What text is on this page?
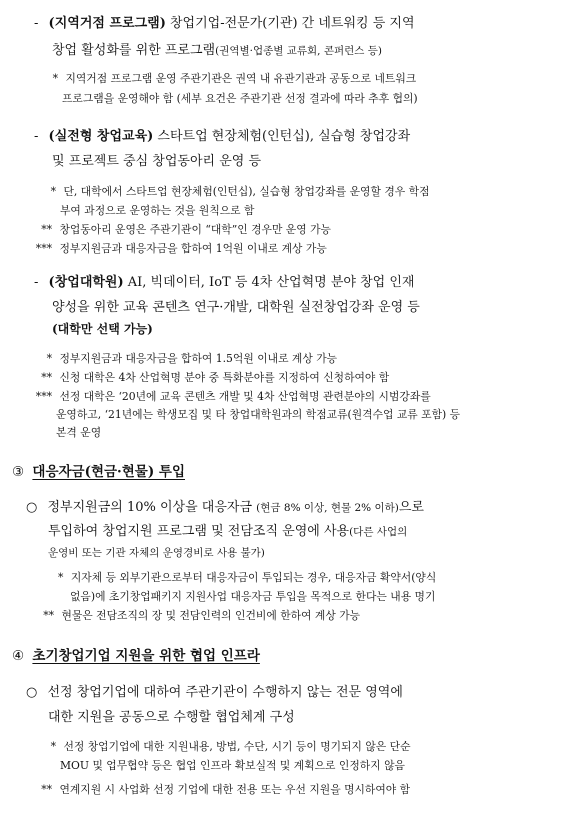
- (지역거점 프로그램) 창업기업-전문가(기관) 간 네트워킹 등 지역
창업 활성화를 위한 프로그램(권역별·업종별 교류회, 콘퍼런스 등)
* 지역거점 프로그램 운영 주관기관은 권역 내 유관기관과 공동으로 네트워크
프로그램을 운영해야 함 (세부 요건은 주관기관 선정 결과에 따라 추후 협의)
- (실전형 창업교육) 스타트업 현장체험(인턴십), 실습형 창업강좌
및 프로젝트 중심 창업동아리 운영 등
* 단, 대학에서 스타트업 현장체험(인턴십), 실습형 창업강좌를 운영할 경우 학점
부여 과정으로 운영하는 것을 원칙으로 함
** 창업동아리 운영은 주관기관이 “대학”인 경우만 운영 가능
*** 정부지원금과 대응자금을 합하여 1억원 이내로 계상 가능
- (창업대학원) AI, 빅데이터, IoT 등 4차 산업혁명 분야 창업 인재
양성을 위한 교육 콘텐츠 연구·개발, 대학원 실전창업강좌 운영 등
(대학만 선택 가능)
* 정부지원금과 대응자금을 합하여 1.5억원 이내로 계상 가능
** 신청 대학은 4차 산업혁명 분야 중 특화분야를 지정하여 신청하여야 함
*** 선정 대학은 ‘20년에 교육 콘텐츠 개발 및 4차 산업혁명 관련분야의 시범강좌를
운영하고, ‘21년에는 학생모집 및 타 창업대학원과의 학점교류(원격수업 교류 포함) 등
본격 운영
③ 대응자금(현금·현물) 투입
○ 정부지원금의 10% 이상을 대응자금 (현금 8% 이상, 현물 2% 이하)으로
투입하여 창업지원 프로그램 및 전담조직 운영에 사용(다른 사업의
운영비 또는 기관 자체의 운영경비로 사용 불가)
* 지자체 등 외부기관으로부터 대응자금이 투입되는 경우, 대응자금 확약서(양식
없음)에 초기창업패키지 지원사업 대응자금 투입을 목적으로 한다는 내용 명기
** 현물은 전담조직의 장 및 전담인력의 인건비에 한하여 계상 가능
④ 초기창업기업 지원을 위한 협업 인프라
○ 선정 창업기업에 대하여 주관기관이 수행하지 않는 전문 영역에
대한 지원을 공동으로 수행할 협업체계 구성
* 선정 창업기업에 대한 지원내용, 방법, 수단, 시기 등이 명기되지 않은 단순
MOU 및 업무협약 등은 협업 인프라 확보실적 및 계획으로 인정하지 않음
** 연계지원 시 사업화 선정 기업에 대한 전용 또는 우선 지원을 명시하여야 함
